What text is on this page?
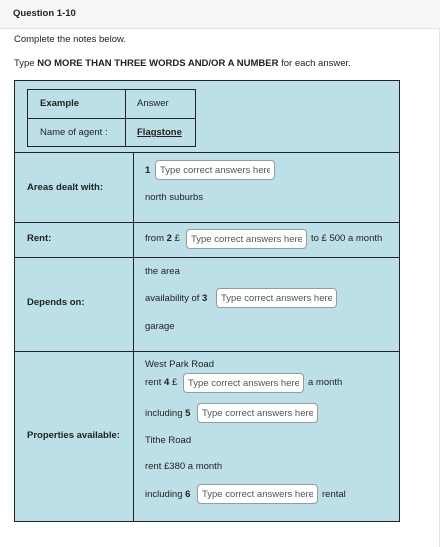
Question 1-10
Complete the notes below.
Type NO MORE THAN THREE WORDS AND/OR A NUMBER for each answer.
Example	Answer
Name of agent :	Flagstone
Areas dealt with:
1
Type correct answers here
north suburbs
Rent:	from 2 £
Type correct answers here	to £ 500 a month
Depends on:
the area
availability of 3
Type correct answers here
garage
Properties available:
West Park Road
rent 4 £
Type correct answers here	a month
including 5
Type correct answers here
Tithe Road
rent £380 a month
including 6
Type correct answers here	rental
